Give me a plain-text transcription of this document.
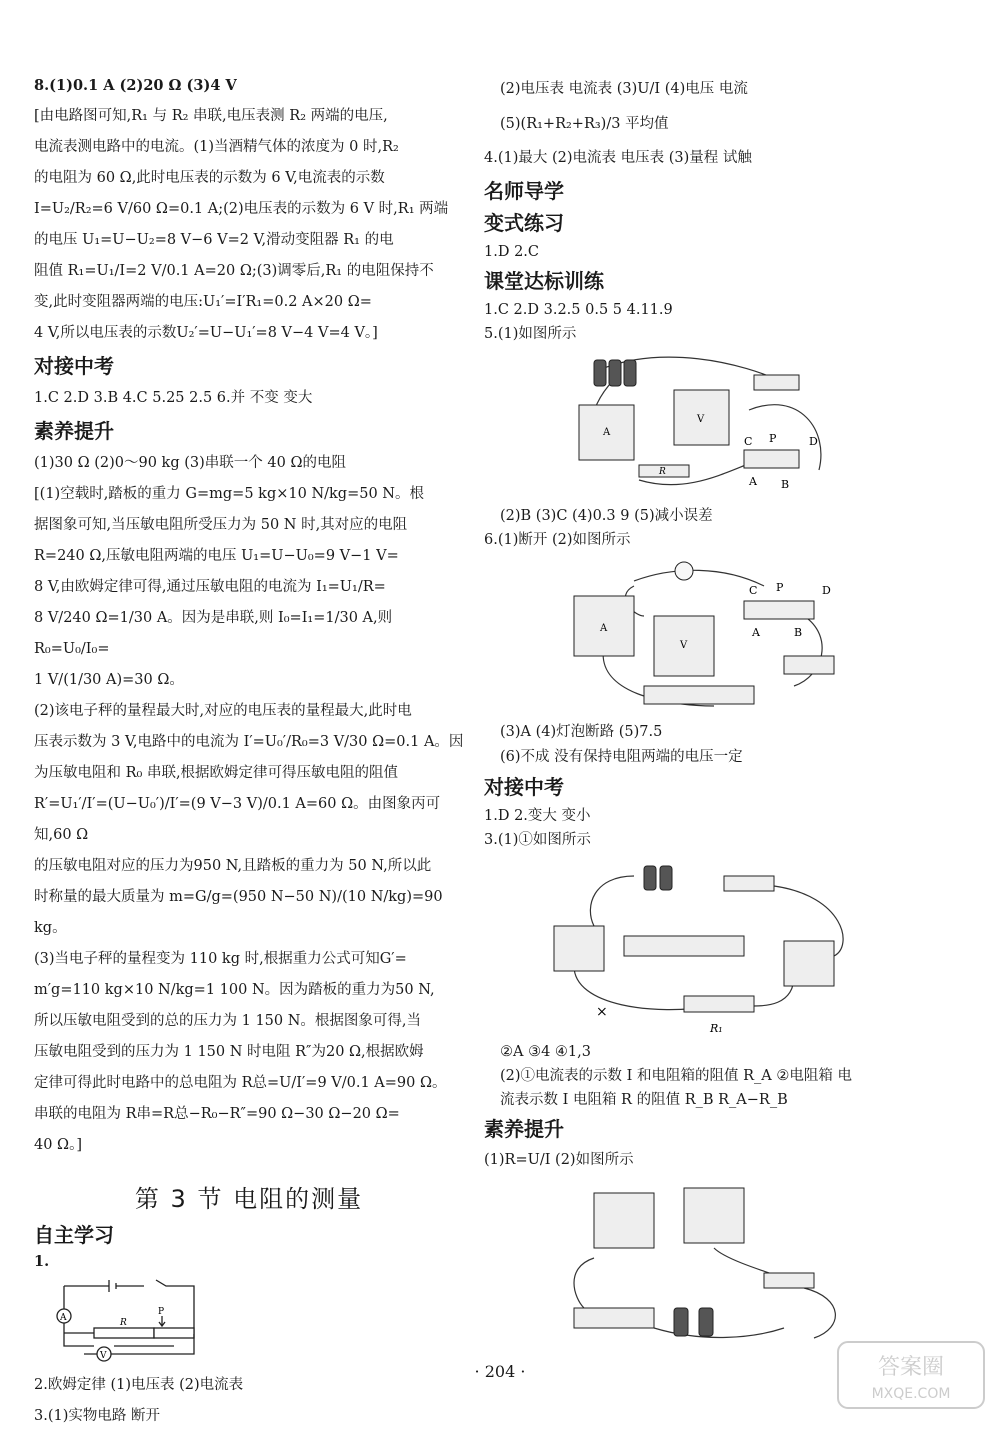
8.(1)0.1 A (2)20 Ω (3)4 V

[由电路图可知,R₁ 与 R₂ 串联,电压表测 R₂ 两端的电压,

电流表测电路中的电流。(1)当酒精气体的浓度为 0 时,R₂

的电阻为 60 Ω,此时电压表的示数为 6 V,电流表的示数

I=U₂/R₂=6 V/60 Ω=0.1 A;(2)电压表的示数为 6 V 时,R₁ 两端

的电压 U₁=U−U₂=8 V−6 V=2 V,滑动变阻器 R₁ 的电

阻值 R₁=U₁/I=2 V/0.1 A=20 Ω;(3)调零后,R₁ 的电阻保持不

变,此时变阻器两端的电压:U₁′=I′R₁=0.2 A×20 Ω=

4 V,所以电压表的示数U₂′=U−U₁′=8 V−4 V=4 V。]

对接中考

1.C 2.D 3.B 4.C 5.25 2.5 6.并 不变 变大

素养提升

(1)30 Ω (2)0～90 kg (3)串联一个 40 Ω的电阻

[(1)空载时,踏板的重力 G=mg=5 kg×10 N/kg=50 N。根

据图象可知,当压敏电阻所受压力为 50 N 时,其对应的电阻

R=240 Ω,压敏电阻两端的电压 U₁=U−U₀=9 V−1 V=

8 V,由欧姆定律可得,通过压敏电阻的电流为 I₁=U₁/R=

8 V/240 Ω=1/30 A。因为是串联,则 I₀=I₁=1/30 A,则 R₀=U₀/I₀=

1 V/(1/30 A)=30 Ω。

(2)该电子秤的量程最大时,对应的电压表的量程最大,此时电

压表示数为 3 V,电路中的电流为 I′=U₀′/R₀=3 V/30 Ω=0.1 A。因

为压敏电阻和 R₀ 串联,根据欧姆定律可得压敏电阻的阻值

R′=U₁′/I′=(U−U₀′)/I′=(9 V−3 V)/0.1 A=60 Ω。由图象丙可知,60 Ω

的压敏电阻对应的压力为950 N,且踏板的重力为 50 N,所以此

时称量的最大质量为 m=G/g=(950 N−50 N)/(10 N/kg)=90 kg。

(3)当电子秤的量程变为 110 kg 时,根据重力公式可知G′=

m′g=110 kg×10 N/kg=1 100 N。因为踏板的重力为50 N,

所以压敏电阻受到的总的压力为 1 150 N。根据图象可得,当

压敏电阻受到的压力为 1 150 N 时电阻 R″为20 Ω,根据欧姆

定律可得此时电路中的总电阻为 R总=U/I′=9 V/0.1 A=90 Ω。

串联的电阻为 R串=R总−R₀−R″=90 Ω−30 Ω−20 Ω=

40 Ω。]

第 3 节 电阻的测量
自主学习

1.

A
V
R
P

2.欧姆定律 (1)电压表 (2)电流表

3.(1)实物电路 断开

(2)电压表 电流表 (3)U/I (4)电压 电流

(5)(R₁+R₂+R₃)/3 平均值

4.(1)最大 (2)电流表 电压表 (3)量程 试触

名师导学
变式练习

1.D 2.C

课堂达标训练

1.C 2.D 3.2.5 0.5 5 4.11.9

5.(1)如图所示

A
V
R
C P	D
A B

(2)B (3)C (4)0.3 9 (5)减小误差

6.(1)断开 (2)如图所示

A
V
C P	D
A	B

(3)A (4)灯泡断路 (5)7.5

(6)不成 没有保持电阻两端的电压一定

对接中考

1.D 2.变大 变小

3.(1)①如图所示

×
R₁

②A ③4 ④1,3

(2)①电流表的示数 I 和电阻箱的阻值 R_A ②电阻箱 电

流表示数 I 电阻箱 R 的阻值 R_B R_A−R_B

素养提升

(1)R=U/I (2)如图所示

· 204 ·	答案圈
MXQE.COM
